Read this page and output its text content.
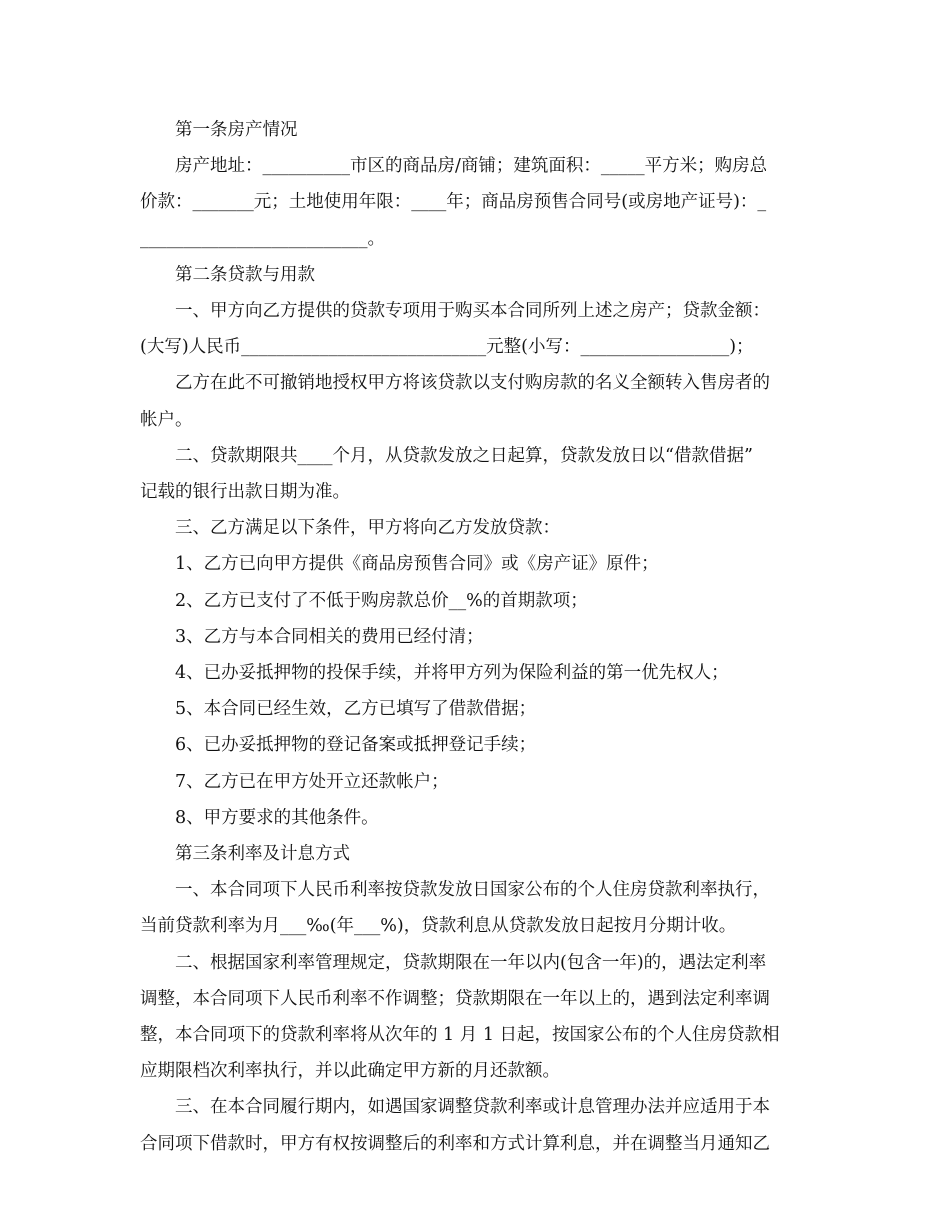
第一条房产情况

房产地址：__________市区的商品房/商铺；建筑面积：_____平方米；购房总
价款：_______元；土地使用年限：____年；商品房预售合同号(或房地产证号)：_
__________________________。

第二条贷款与用款

一、甲方向乙方提供的贷款专项用于购买本合同所列上述之房产；贷款金额：
(大写)人民币____________________________元整(小写：_________________)；

乙方在此不可撤销地授权甲方将该贷款以支付购房款的名义全额转入售房者的
帐户。

二、贷款期限共____个月，从贷款发放之日起算，贷款发放日以“借款借据”
记载的银行出款日期为准。

三、乙方满足以下条件，甲方将向乙方发放贷款：

1、乙方已向甲方提供《商品房预售合同》或《房产证》原件；

2、乙方已支付了不低于购房款总价__%的首期款项；

3、乙方与本合同相关的费用已经付清；

4、已办妥抵押物的投保手续，并将甲方列为保险利益的第一优先权人；

5、本合同已经生效，乙方已填写了借款借据；

6、已办妥抵押物的登记备案或抵押登记手续；

7、乙方已在甲方处开立还款帐户；

8、甲方要求的其他条件。

第三条利率及计息方式

一、本合同项下人民币利率按贷款发放日国家公布的个人住房贷款利率执行，
当前贷款利率为月___‰(年___%)，贷款利息从贷款发放日起按月分期计收。

二、根据国家利率管理规定，贷款期限在一年以内(包含一年)的，遇法定利率
调整，本合同项下人民币利率不作调整；贷款期限在一年以上的，遇到法定利率调
整，本合同项下的贷款利率将从次年的 1 月 1 日起，按国家公布的个人住房贷款相
应期限档次利率执行，并以此确定甲方新的月还款额。

三、在本合同履行期内，如遇国家调整贷款利率或计息管理办法并应适用于本
合同项下借款时，甲方有权按调整后的利率和方式计算利息，并在调整当月通知乙
